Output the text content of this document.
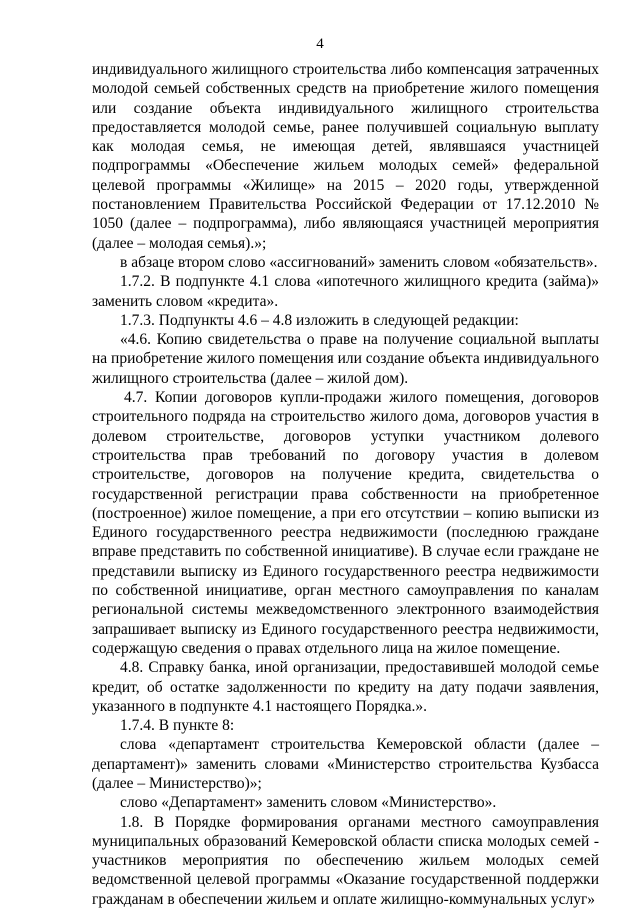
4

индивидуального жилищного строительства либо компенсация затраченных молодой семьей собственных средств на приобретение жилого помещения или создание объекта индивидуального жилищного строительства предоставляется молодой семье, ранее получившей социальную выплату как молодая семья, не имеющая детей, являвшаяся участницей подпрограммы «Обеспечение жильем молодых семей» федеральной целевой программы «Жилище» на 2015 – 2020 годы, утвержденной постановлением Правительства Российской Федерации от 17.12.2010 № 1050 (далее – подпрограмма), либо являющаяся участницей мероприятия (далее – молодая семья).»;

в абзаце втором слово «ассигнований» заменить словом «обязательств».

1.7.2. В подпункте 4.1 слова «ипотечного жилищного кредита (займа)» заменить словом «кредита».

1.7.3. Подпункты 4.6 – 4.8 изложить в следующей редакции:

«4.6. Копию свидетельства о праве на получение социальной выплаты на приобретение жилого помещения или создание объекта индивидуального жилищного строительства (далее – жилой дом).

4.7. Копии договоров купли-продажи жилого помещения, договоров строительного подряда на строительство жилого дома, договоров участия в долевом строительстве, договоров уступки участником долевого строительства прав требований по договору участия в долевом строительстве, договоров на получение кредита, свидетельства о государственной регистрации права собственности на приобретенное (построенное) жилое помещение, а при его отсутствии – копию выписки из Единого государственного реестра недвижимости (последнюю граждане вправе представить по собственной инициативе). В случае если граждане не представили выписку из Единого государственного реестра недвижимости по собственной инициативе, орган местного самоуправления по каналам региональной системы межведомственного электронного взаимодействия запрашивает выписку из Единого государственного реестра недвижимости, содержащую сведения о правах отдельного лица на жилое помещение.

4.8. Справку банка, иной организации, предоставившей молодой семье кредит, об остатке задолженности по кредиту на дату подачи заявления, указанного в подпункте 4.1 настоящего Порядка.».

1.7.4. В пункте 8:

слова «департамент строительства Кемеровской области (далее – департамент)» заменить словами «Министерство строительства Кузбасса (далее – Министерство)»;

слово «Департамент» заменить словом «Министерство».

1.8. В Порядке формирования органами местного самоуправления муниципальных образований Кемеровской области списка молодых семей - участников мероприятия по обеспечению жильем молодых семей ведомственной целевой программы «Оказание государственной поддержки гражданам в обеспечении жильем и оплате жилищно-коммунальных услуг»
